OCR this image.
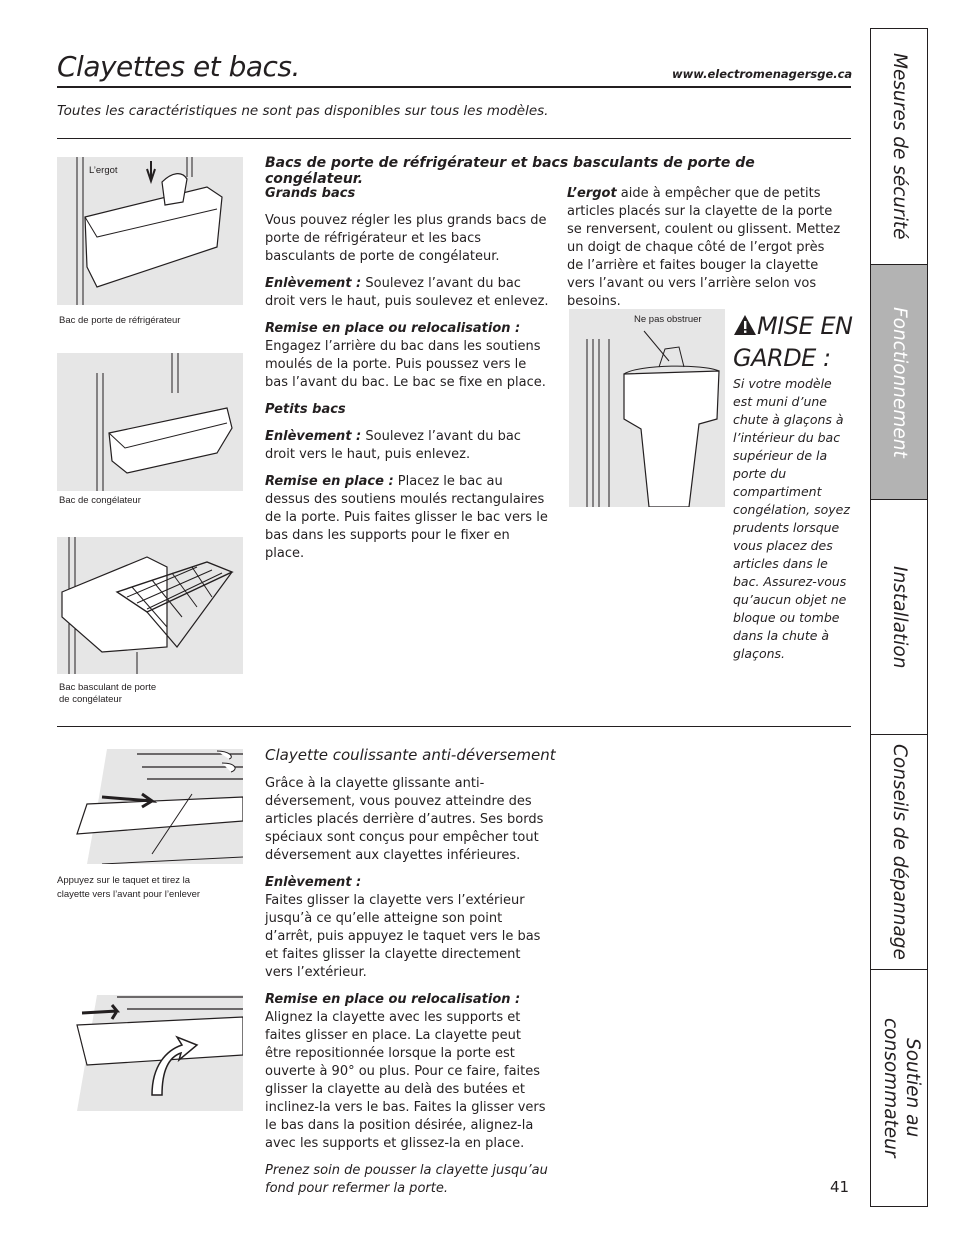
Clayettes et bacs.	www.electromenagersge.ca
Toutes les caractéristiques ne sont pas disponibles sur tous les modèles.
L’ergot
Bac de porte de réfrigérateur
Bac de congélateur
Bac basculant de porte
de congélateur
Bacs de porte de réfrigérateur et bacs basculants de porte de congélateur.

Grands bacs

Vous pouvez régler les plus grands bacs de porte de réfrigérateur et les bacs basculants de porte de congélateur.

Enlèvement : Soulevez l’avant du bac droit vers le haut, puis soulevez et enlevez.

Remise en place ou relocalisation : Engagez l’arrière du bac dans les soutiens moulés de la porte. Puis poussez vers le bas l’avant du bac. Le bac se fixe en place.

Petits bacs

Enlèvement : Soulevez l’avant du bac droit vers le haut, puis enlevez.

Remise en place : Placez le bac au dessus des soutiens moulés rectangulaires de la porte. Puis faites glisser le bac vers le bas dans les supports pour le fixer en place.

L’ergot aide à empêcher que de petits articles placés sur la clayette de la porte se renversent, coulent ou glissent. Mettez un doigt de chaque côté de l’ergot près de l’arrière et faites bouger la clayette vers l’avant ou vers l’arrière selon vos besoins.

Ne pas obstruer	MISE EN
GARDE :
Si votre modèle est muni d’une chute à glaçons à l’intérieur du bac supérieur de la porte du compartiment congélation, soyez prudents lorsque vous placez des articles dans le bac. Assurez-vous qu’aucun objet ne bloque ou tombe dans la chute à glaçons.
Appuyez sur le taquet et tirez la
clayette vers l’avant pour l’enlever
Clayette coulissante anti-déversement

Grâce à la clayette glissante anti-déversement, vous pouvez atteindre des articles placés derrière d’autres. Ses bords spéciaux sont conçus pour empêcher tout déversement aux clayettes inférieures.

Enlèvement :
Faites glisser la clayette vers l’extérieur jusqu’à ce qu’elle atteigne son point d’arrêt, puis appuyez le taquet vers le bas et faites glisser la clayette directement vers l’extérieur.

Remise en place ou relocalisation :
Alignez la clayette avec les supports et faites glisser en place. La clayette peut être repositionnée lorsque la porte est ouverte à 90° ou plus. Pour ce faire, faites glisser la clayette au delà des butées et inclinez-la vers le bas. Faites la glisser vers le bas dans la position désirée, alignez-la avec les supports et glissez-la en place.

Prenez soin de pousser la clayette jusqu’au fond pour refermer la porte.

Mesures de sécurité
Fonctionnement
Installation
Conseils de dépannage
Soutien au consommateur
41
